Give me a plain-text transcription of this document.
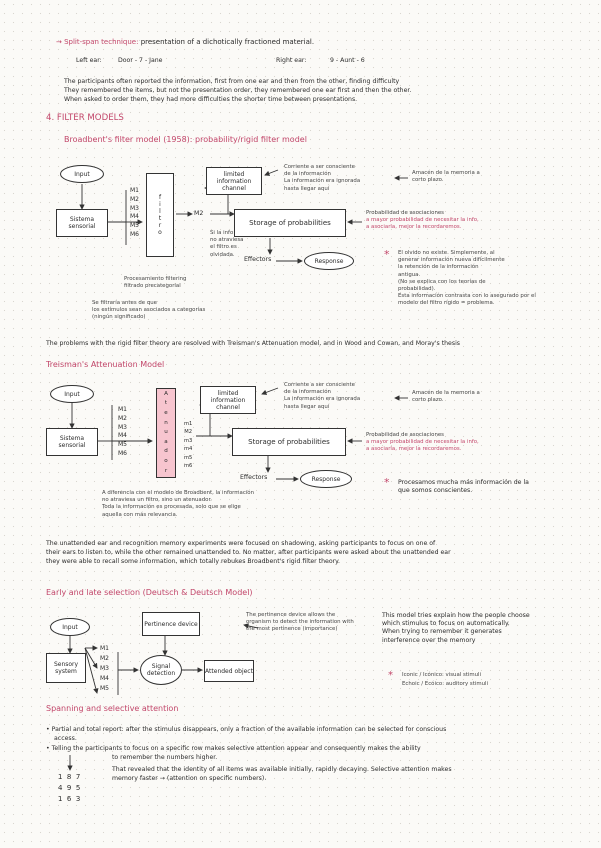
→ Split-span technique: presentation of a dichotically fractioned material.
Left ear:	Door - 7 - Jane	Right ear:	9 - Aunt - 6
The participants often reported the information, first from one ear and then from the other, finding difficulty
They remembered the items, but not the presentation order, they remembered one ear first and then the other.
When asked to order them, they had more difficulties the shorter time between presentations.
4. FILTER MODELS
Broadbent's filter model (1958): probability/rigid filter model
Input
Sistema sensorial
M1
M2
M3
M4
M5
M6
f
i
l
t
r
o
M2
limited information channel
Storage of probabilities
Effectors	Response
Corriente a ser consciente
de la información
La información era ignorada
hasta llegar aquí
Amacén de la memoria a
corto plazo.
Si la info
no atraviesa
el filtro es
olvidada.
Procesamiento filtering
filtrado precategorial
Se filtraría antes de que
los estímulos sean asociados a categorías
(ningún significado)
Probabilidad de asociaciones
a mayor probabilidad de necesitar la info,
a asociarla, mejor la recordaremos.
* El olvido no existe. Simplemente, al
generar información nueva difícilmente
la retención de la información
antigua.
(No se explica con los teorías de
probabilidad).
Esta información contrasta con lo asegurado por el
modelo del filtro rígido = problema.
The problems with the rigid filter theory are resolved with Treisman's Attenuation model, and in Wood and Cowan, and Moray's thesis
Treisman's Attenuation Model
Input
Sistema sensorial
M1
M2
M3
M4
M5
M6
A
t
e
n
u
a
d
o
r
m1
M2
m3
m4
m5
m6
limited information channel
Storage of probabilities
Effectors	Response
Corriente a ser consciente
de la información
La información era ignorada
hasta llegar aquí
Amacén de la memoria a
corto plazo.
Probabilidad de asociaciones
a mayor probabilidad de necesitar la info,
a asociarla, mejor la recordaremos.
A diferencia con el modelo de Broadbent, la información
no atraviesa un filtro, sino un atenuador.
Toda la información es procesada, solo que se elige
aquella con más relevancia.
* Procesamos mucha más información de la
que somos conscientes.
The unattended ear and recognition memory experiments were focused on shadowing, asking participants to focus on one of
their ears to listen to, while the other remained unattended to. No matter, after participants were asked about the unattended ear
they were able to recall some information, which totally rebukes Broadbent's rigid filter theory.
Early and late selection (Deutsch & Deutsch Model)
Input
Sensory system
M1
M2
M3
M4
M5
Pertinence device
Signal detection	Attended object
The pertinence device allows the
organism to detect the information with
the most pertinence (importance)
This model tries explain how the people choose
which stimulus to focus on automatically.
When trying to remember it generates
interference over the memory
* Iconic / Icónico: visual stimuli
Echoic / Ecóico: auditory stimuli
Spanning and selective attention
• Partial and total report: after the stimulus disappears, only a fraction of the available information can be selected for conscious
access.
• Telling the participants to focus on a specific row makes selective attention appear and consequently makes the ability
to remember the numbers higher.
That revealed that the identity of all items was available initially, rapidly decaying. Selective attention makes
memory faster → (attention on specific numbers).
1 8 7
4 9 5
1 6 3
